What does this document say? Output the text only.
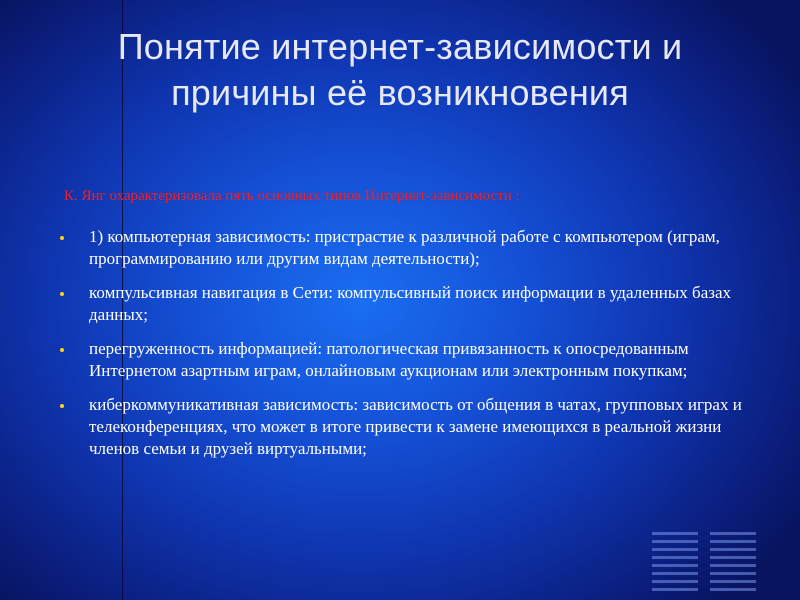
Понятие интернет-зависимости и
причины её возникновения
К. Янг охарактеризовала пять основных типов Интернет-зависимости :
1) компьютерная зависимость: пристрастие к различной работе с компьютером (играм, программированию или другим видам деятельности);
компульсивная навигация в Сети: компульсивный поиск информации в удаленных базах данных;
перегруженность информацией: патологическая привязанность к опосредованным Интернетом азартным играм, онлайновым аукционам или электронным покупкам;
киберкоммуникативная зависимость: зависимость от общения в чатах, групповых играх и телеконференциях, что может в итоге привести к замене имеющихся в реальной жизни членов семьи и друзей виртуальными;
